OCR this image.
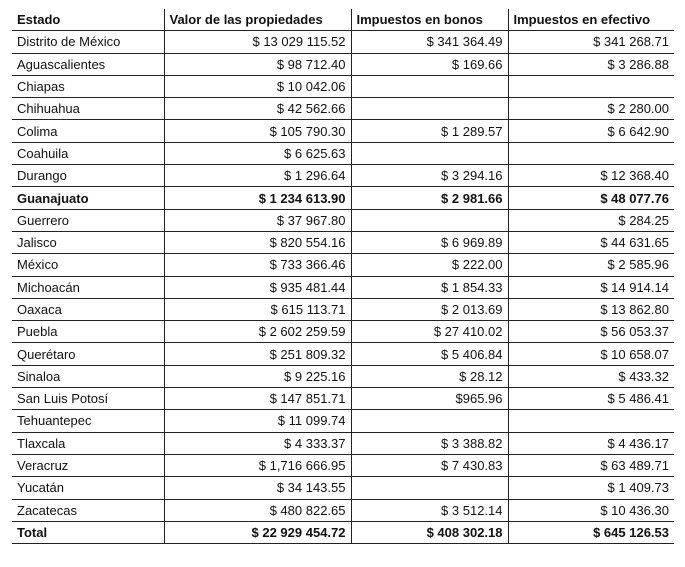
Estado	Valor de las propiedades	Impuestos en bonos	Impuestos en efectivo
Distrito de México	$ 13 029 115.52	$ 341 364.49	$ 341 268.71
Aguascalientes	$ 98 712.40	$ 169.66	$ 3 286.88
Chiapas	$ 10 042.06		
Chihuahua	$ 42 562.66		$ 2 280.00
Colima	$ 105 790.30	$ 1 289.57	$ 6 642.90
Coahuila	$ 6 625.63		
Durango	$ 1 296.64	$ 3 294.16	$ 12 368.40
Guanajuato	$ 1 234 613.90	$ 2 981.66	$ 48 077.76
Guerrero	$ 37 967.80		$ 284.25
Jalisco	$ 820 554.16	$ 6 969.89	$ 44 631.65
México	$ 733 366.46	$ 222.00	$ 2 585.96
Michoacán	$ 935 481.44	$ 1 854.33	$ 14 914.14
Oaxaca	$ 615 113.71	$ 2 013.69	$ 13 862.80
Puebla	$ 2 602 259.59	$ 27 410.02	$ 56 053.37
Querétaro	$ 251 809.32	$ 5 406.84	$ 10 658.07
Sinaloa	$ 9 225.16	$ 28.12	$ 433.32
San Luis Potosí	$ 147 851.71	$965.96	$ 5 486.41
Tehuantepec	$ 11 099.74		
Tlaxcala	$ 4 333.37	$ 3 388.82	$ 4 436.17
Veracruz	$ 1,716 666.95	$ 7 430.83	$ 63 489.71
Yucatán	$ 34 143.55		$ 1 409.73
Zacatecas	$ 480 822.65	$ 3 512.14	$ 10 436.30
Total	$ 22 929 454.72	$ 408 302.18	$ 645 126.53
